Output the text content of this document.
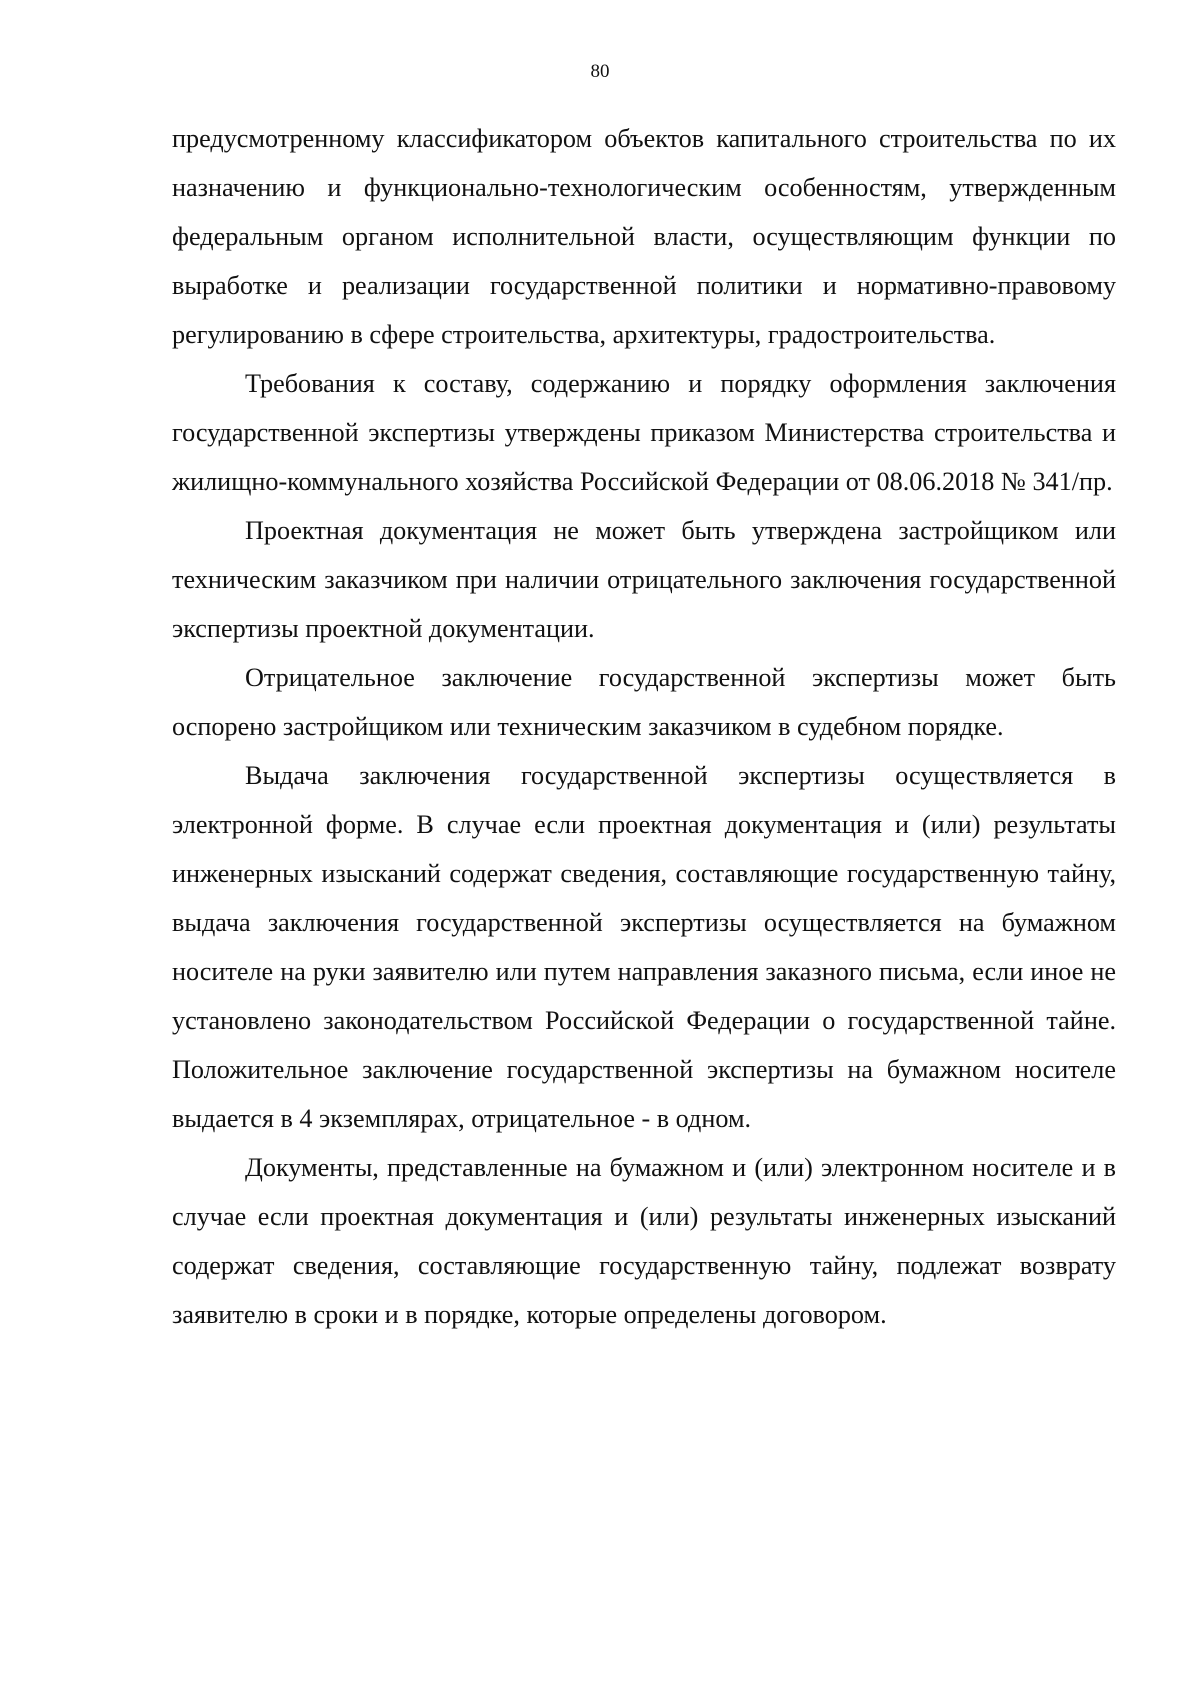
80

предусмотренному классификатором объектов капитального строительства по их назначению и функционально-технологическим особенностям, утвержденным федеральным органом исполнительной власти, осуществляющим функции по выработке и реализации государственной политики и нормативно-правовому регулированию в сфере строительства, архитектуры, градостроительства.

Требования к составу, содержанию и порядку оформления заключения государственной экспертизы утверждены приказом Министерства строительства и жилищно-коммунального хозяйства Российской Федерации от 08.06.2018 № 341/пр.

Проектная документация не может быть утверждена застройщиком или техническим заказчиком при наличии отрицательного заключения государственной экспертизы проектной документации.

Отрицательное заключение государственной экспертизы может быть оспорено застройщиком или техническим заказчиком в судебном порядке.

Выдача заключения государственной экспертизы осуществляется в электронной форме. В случае если проектная документация и (или) результаты инженерных изысканий содержат сведения, составляющие государственную тайну, выдача заключения государственной экспертизы осуществляется на бумажном носителе на руки заявителю или путем направления заказного письма, если иное не установлено законодательством Российской Федерации о государственной тайне. Положительное заключение государственной экспертизы на бумажном носителе выдается в 4 экземплярах, отрицательное - в одном.

Документы, представленные на бумажном и (или) электронном носителе и в случае если проектная документация и (или) результаты инженерных изысканий содержат сведения, составляющие государственную тайну, подлежат возврату заявителю в сроки и в порядке, которые определены договором.
